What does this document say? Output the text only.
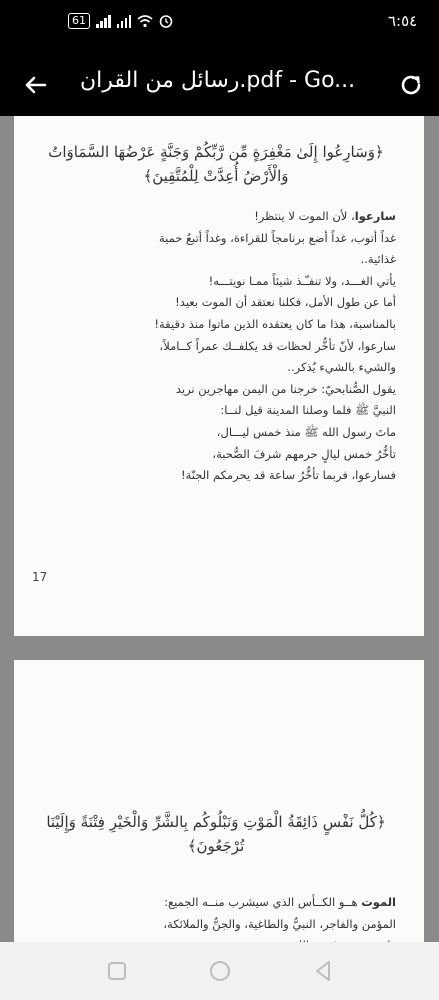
61	٦:٥٤
رسائل من القران.pdf - Go...
﴿وَسَارِعُوا إِلَىٰ مَغْفِرَةٍ مِّن رَّبِّكُمْ وَجَنَّةٍ عَرْضُهَا السَّمَاوَاتُ وَالْأَرْضُ أُعِدَّتْ لِلْمُتَّقِينَ﴾
سارعوا، لأن الموت لا ينتظر!
غداً أتوب، غداً أضع برنامجاً للقراءة، وغداً أتبعُ حمية
غذائية..
يأتي الغـــد، ولا تنفـّـذ شيئاً ممـا نويتـــه!
أما عن طول الأمل، فكلنا نعتقد أن الموت بعيد!
بالمناسبة، هذا ما كان يعتقده الذين ماتوا منذ دقيقة!
سارعوا، لأنّ تأخُّر لحظات قد يكلفــك عمراً كــاملاً،
والشيء بالشيء يُذكر..
يقول الصُّنابحيّ: خرجنا من اليمن مهاجرين نريد
النبيَّ ﷺ فلما وصلنا المدينة قيل لنــا:
ماتَ رسول الله ﷺ منذ خمس ليـــال،
تأخُّرُ خمس ليالٍ حرمهم شرفَ الصُّحبة،
فسارعوا، فربما تأخُّرُ ساعة قد يحرمكم الجنّة!
17
﴿كُلُّ نَفْسٍ ذَائِقَةُ الْمَوْتِ وَنَبْلُوكُم بِالشَّرِّ وَالْخَيْرِ فِتْنَةً وَإِلَيْنَا تُرْجَعُونَ﴾
الموت هــو الكــأس الذي سيشرب منــه الجميع:
المؤمن والفاجر، النبيُّ والطاغية، والجنُّ والملائكة،
